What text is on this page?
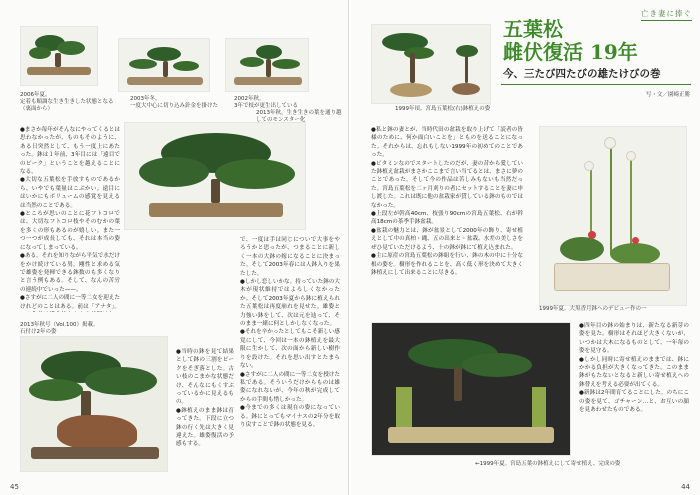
2006年夏。
定着も順調な生き生きした状態となる（裏面から）
2003年冬。
一度大中心に切り込み針金を掛けた
2002年秋。
3年で枝が更生出している
2013年秋。生き生きの葉を通り越してのモンスター化
●まさか毎年がそんなにやってくるとは思わなかったが、ものもそのように、ある日突然として、もう一度上にあたった。鉢は１年前、3年目には「遠目でのピーク」ということを越えることになる。
●大切な五葉松を手放すものであるから、いやでも葉量はこぶかい。遠目にはいかにもボリュームの感覚を見えるは当然のことである。
●ところが思いのことに花フトコロでは、大切なフトコロ枝やそのむかの葉を多くの形もあるのが嬉しい。また一つ一つが成長しても、それは本当の姿になってしまっている。
●ある。それを知りながら平気で水だけをかけ続けている男。剛性と求める気で雄姿を発揮できる鉢数のも多くなりと言う例もある。そして、なんの苦労の連続中でいった——。
●さすがに二人の間に一等二女を迎えたけれどのことはある。前は「アナタ」。
2013年秋号（Vol.100）掲載。
石付け2年の姿
●当時の鉢を見て結果として鉢の三割をピークをそぎ落とした。古い枝のこまかな状態だけ、そんなにもくすぶっているかに見えるもの。
●鉢植えのまま鉢は育ってきた。下段に立つ鉢の行く先は大きく見違えた。雄姿復活の予感もする。
で、一度は手は同じについで大事をやろうかと思ったが、つまることに新しく一本の大鉢の嫁になることに決まった。そして2003年春には人鉢入りを果たした。
●しかし恋しいかな。持っていた鉢の大木が現状維持ではよろしくなかったか。そして2003年夏から鉢に植えられた五葉松は再度崩れを見せた。雄姿と力強い鉢をして、次は元を辿って、そのまま一緒に何としかしなくなった。
●それを辛かったとしてもこそ新しい感覚にして、今回は一本の鉢植えを最大限に生かして、次の面から新しい樹作りを設けた。それを思い出すとたまらない。
●さすがに二人の間に一等二女を授けた私である。そういうだけからものは雄姿になれないが、今年の秋が完成してからの手間も惜しかった。
●今までの多くは現在の姿になっている。鉢にとってもマイナスの2年分を取り戻すことで鉢の状態を見る。
45
亡き妻に捧ぐ
1999年頃。宮島五葉松(右)鉢植えの姿
五葉松
雌伏復活 19年
今、三たび四たびの雄たけびの巻
写・文／園崎正勝
●私と鉢の妻とが、当時代田の盆栽を取り上げて「読者の皆様のために、何か面白いことを」とものを送ることになった。それからは、忘れもしない1999年の初めてのことであった。
●ビタミンなのでスタートしたのだが、妻の昔から愛していた鉢植え盆栽がまさかここまで言い当てるとは、まさに夢のことであった。そして今の作品は苦しみもないも当然だった。宮島五葉松を二ヶ月刈りの者にセットすることを妻に申し渡した。これは既に他の盆栽家が貸している鉢のものではなかった。
●上段左が幹高40cm、枝張り90cmの宮島五葉松、右が幹高18cmの茶季手鉢盆栽。
●盆栽の魅力とは、鉢が盆景として2000年の飾り、寄せ植えとして中の真柏・縄、五の出来と・盆栽、水差の美しさをぜひ見ていただけるよう、十の鉢が鉢にて植え込まれた。
●主に原産の宮島五葉松の鉢組を行い、鉢の木の中に十分な根の姿を。樹形を作れることを、高く低く形を決めて大きく鉢植えにして出来ることに尽きる。
1999年夏。大黒香月鉢へのデビュー作の一
←1999年夏。宮島五葉の鉢植えにして寄せ植え、完成の姿
●四年目の鉢の始まりは、新たなる新芽の姿を見た。樹形はそれほど大きくないが、いつかは大木になるものとして、一年毎の姿を見守る。
●しかし同時に寄せ植えのままでは、鉢にかかる負担が大きくなってきた。このまま鉢がもたないとなると新しい寄せ植えへの鉢替えを考える必要が出てくる。
●新鉢は2年間育てることにした。のちにこの姿を見て、ゴチャーン…と、お互いの顔を見あわせたものである。
44
